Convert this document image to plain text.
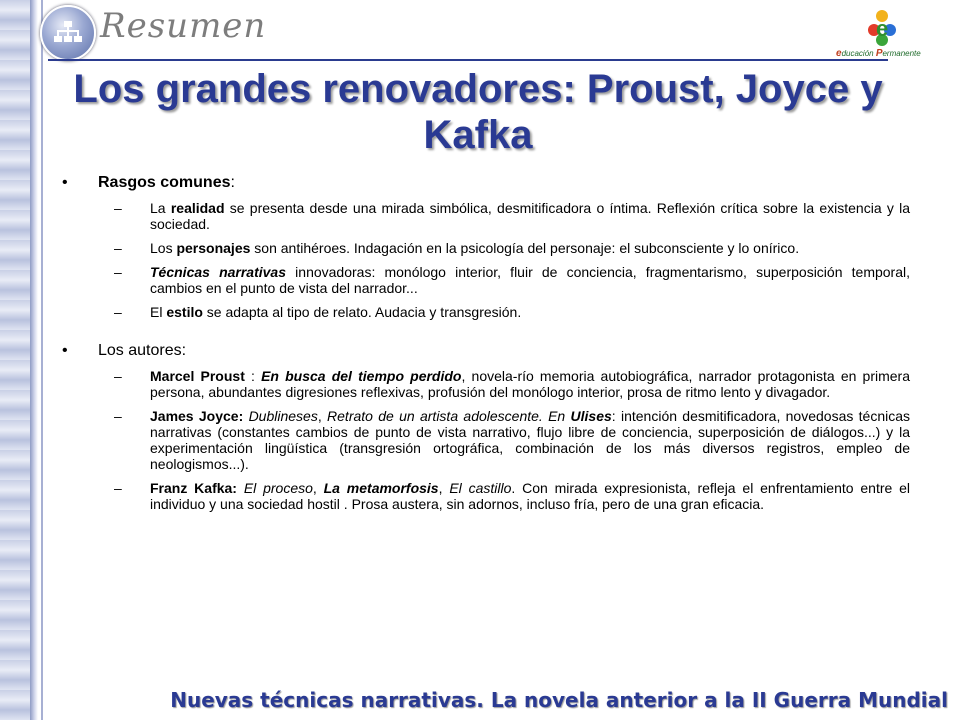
Resumen	e
educación Permanente
Los grandes renovadores: Proust, Joyce y Kafka
•	Rasgos comunes:
–	La realidad se presenta desde una mirada simbólica, desmitificadora o íntima. Reflexión crítica sobre la existencia y la sociedad.
–	Los personajes son antihéroes. Indagación en la psicología del personaje: el subconsciente y lo onírico.
–	Técnicas narrativas innovadoras: monólogo interior, fluir de conciencia, fragmentarismo, superposición temporal, cambios en el punto de vista del narrador...
–	El estilo se adapta al tipo de relato. Audacia y transgresión.
•	Los autores:
–	Marcel Proust : En busca del tiempo perdido, novela-río memoria autobiográfica, narrador protagonista en primera persona, abundantes digresiones reflexivas, profusión del monólogo interior, prosa de ritmo lento y divagador.
–	James Joyce: Dublineses, Retrato de un artista adolescente. En Ulises: intención desmitificadora, novedosas técnicas narrativas (constantes cambios de punto de vista narrativo, flujo libre de conciencia, superposición de diálogos...) y la experimentación lingüística (transgresión ortográfica, combinación de los más diversos registros, empleo de neologismos...).
–	Franz Kafka: El proceso, La metamorfosis, El castillo. Con mirada expresionista, refleja el enfrentamiento entre el individuo y una sociedad hostil . Prosa austera, sin adornos, incluso fría, pero de una gran eficacia.
Nuevas técnicas narrativas. La novela anterior a la II Guerra Mundial
